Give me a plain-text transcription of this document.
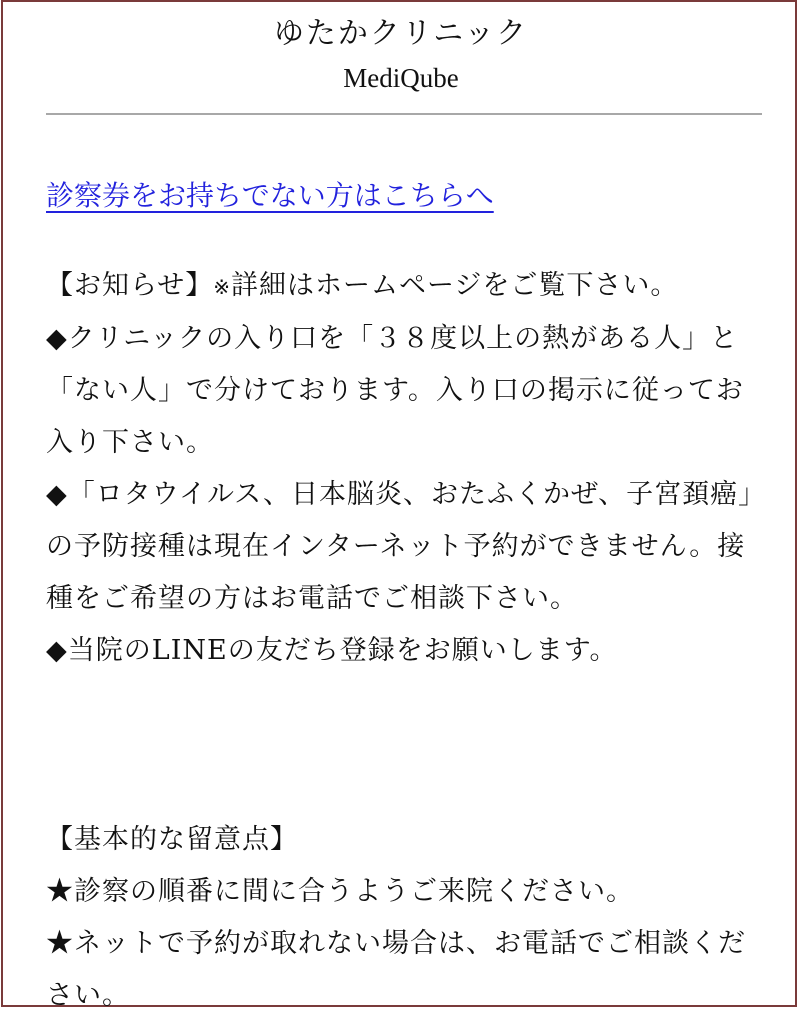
ゆたかクリニック
MediQube
診察券をお持ちでない方はこちらへ
【お知らせ】※詳細はホームページをご覧下さい。
◆クリニックの入り口を「３８度以上の熱がある人」と「ない人」で分けております。入り口の掲示に従ってお入り下さい。
◆「ロタウイルス、日本脳炎、おたふくかぜ、子宮頚癌」の予防接種は現在インターネット予約ができません。接種をご希望の方はお電話でご相談下さい。
◆当院のLINEの友だち登録をお願いします。
【基本的な留意点】
★診察の順番に間に合うようご来院ください。
★ネットで予約が取れない場合は、お電話でご相談ください。
